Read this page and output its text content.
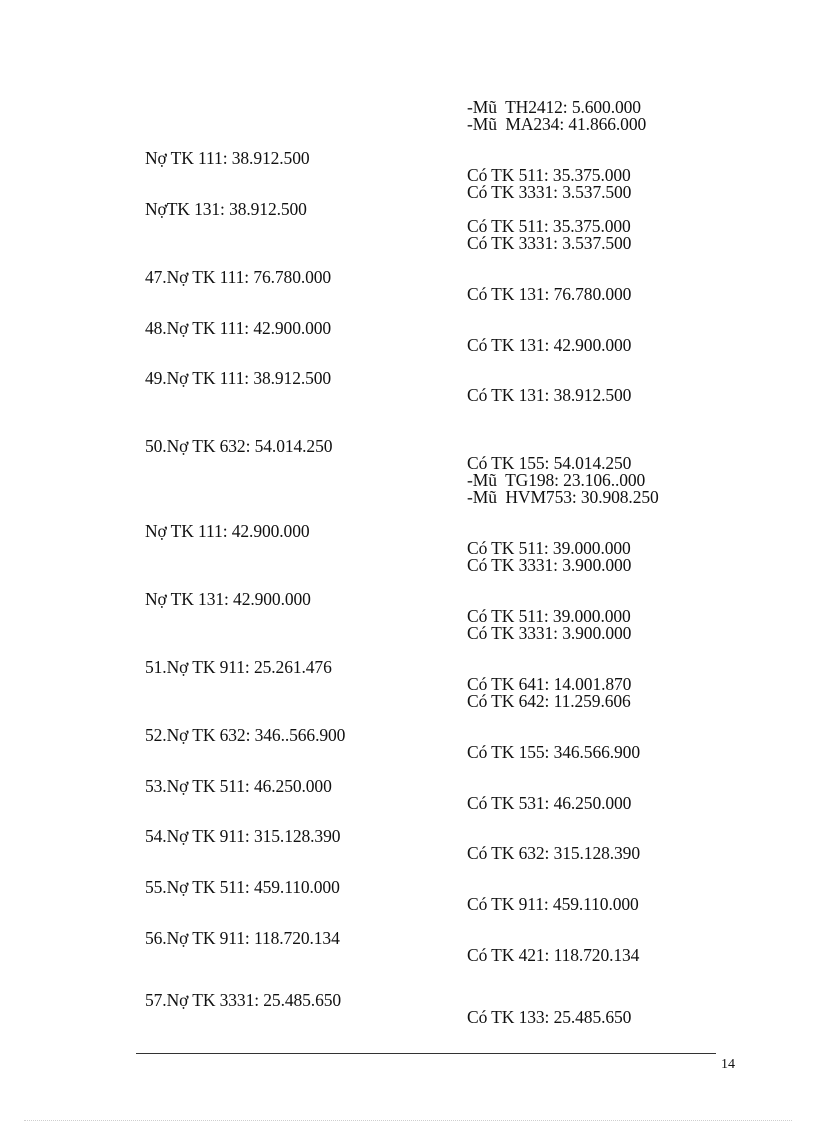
-Mũ  TH2412: 5.600.000
-Mũ  MA234: 41.866.000
Nợ TK 111: 38.912.500
Có TK 511: 35.375.000
Có TK 3331: 3.537.500
NợTK 131: 38.912.500
Có TK 511: 35.375.000
Có TK 3331: 3.537.500
47.Nợ TK 111: 76.780.000
Có TK 131: 76.780.000
48.Nợ TK 111: 42.900.000
Có TK 131: 42.900.000
49.Nợ TK 111: 38.912.500
Có TK 131: 38.912.500
50.Nợ TK 632: 54.014.250
Có TK 155: 54.014.250
-Mũ  TG198: 23.106..000
-Mũ  HVM753: 30.908.250
Nợ TK 111: 42.900.000
Có TK 511: 39.000.000
Có TK 3331: 3.900.000
Nợ TK 131: 42.900.000
Có TK 511: 39.000.000
Có TK 3331: 3.900.000
51.Nợ TK 911: 25.261.476
Có TK 641: 14.001.870
Có TK 642: 11.259.606
52.Nợ TK 632: 346..566.900
Có TK 155: 346.566.900
53.Nợ TK 511: 46.250.000
Có TK 531: 46.250.000
54.Nợ TK 911: 315.128.390
Có TK 632: 315.128.390
55.Nợ TK 511: 459.110.000
Có TK 911: 459.110.000
56.Nợ TK 911: 118.720.134
Có TK 421: 118.720.134
57.Nợ TK 3331: 25.485.650
Có TK 133: 25.485.650
14
